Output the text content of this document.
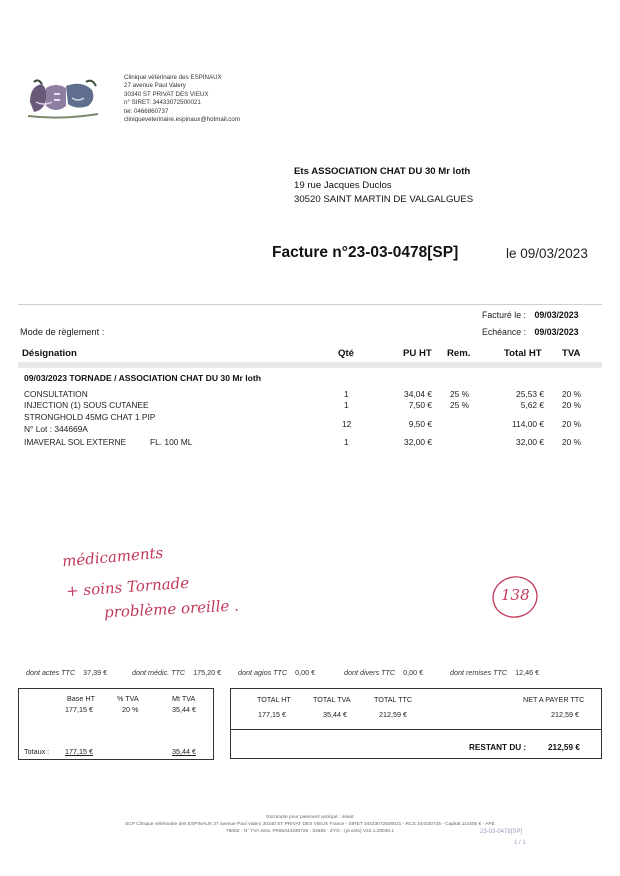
Clinique vétérinaire des ESPINAUX
27 avenue Paul Valery
30340 ST PRIVAT DES VIEUX
n° SIRET: 34433072500021
tel: 0466860737
cliniqueveterinaire.espinaux@hotmail.com
Ets ASSOCIATION CHAT DU 30 Mr loth
19 rue Jacques Duclos
30520 SAINT MARTIN DE VALGALGUES
Facture n°23-03-0478[SP]	le 09/03/2023
Facturé le : 09/03/2023
Echéance : 09/03/2023
Mode de règlement :
Désignation	Qté	PU HT Rem.	Total HT TVA
09/03/2023 TORNADE / ASSOCIATION CHAT DU 30 Mr loth
CONSULTATION	1	34,04 € 25 %	25,53 € 20 %
INJECTION (1) SOUS CUTANEE	1	7,50 € 25 %	5,62 € 20 %
STRONGHOLD 45MG CHAT 1 PIP
N° Lot : 344669A	12	9,50 €	114,00 € 20 %
IMAVERAL SOL EXTERNE	FL. 100 ML	1	32,00 €	32,00 € 20 %
médicaments
+ soins Tornade
problème oreille .
138
dont actes TTC 37,39 €	dont médic. TTC 175,20 € dont agios TTC 0,00 €	dont divers TTC 0,00 €	dont remises TTC 12,46 €
Base HT	% TVA	Mt TVA
177,15 €	20 %	35,44 €
Totaux : 177,15 €	35,44 €
TOTAL HT	TOTAL TVA	TOTAL TTC	NET A PAYER TTC
177,15 €	35,44 €	212,59 €	212,59 €
RESTANT DU :	212,59 €
Escompte pour paiement anticipé : néant
SCP Clinique vétérinaire des ESPINAUX 27 avenue Paul Valery 30340 ST PRIVAT DES VIEUX France - SIRET 34433072500021 - RCS 344330725 - Capital 114400 € - APE
7500Z - N° TVA intra. FR96344330725 - 02665 - ZYG - (pl.veto) V22.1.23030.1	23-03-0478[SP]
1 / 1
